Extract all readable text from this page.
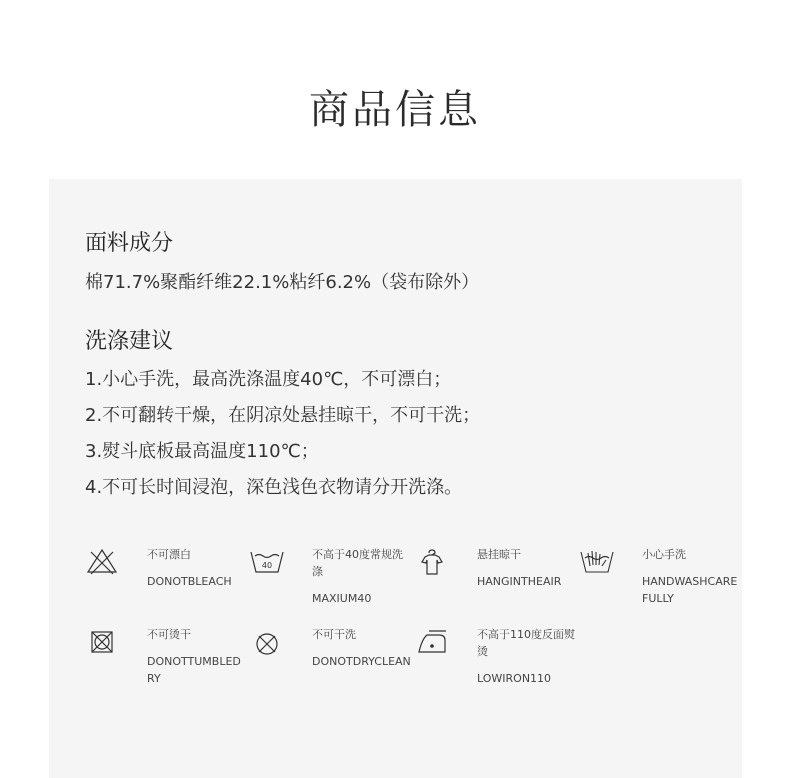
商品信息
面料成分
棉71.7%聚酯纤维22.1%粘纤6.2%（袋布除外）
洗涤建议
1.小心手洗，最高洗涤温度40℃，不可漂白；
2.不可翻转干燥，在阴凉处悬挂晾干，不可干洗；
3.熨斗底板最高温度110℃；
4.不可长时间浸泡，深色浅色衣物请分开洗涤。
不可漂白
DONOTBLEACH
40
不高于40度常规洗涤
MAXIUM40
悬挂晾干
HANGINTHEAIR
小心手洗
HANDWASHCAREFULLY
不可烫干
DONOTTUMBLEDRY
不可干洗
DONOTDRYCLEAN
不高于110度反面熨烫
LOWIRON110
